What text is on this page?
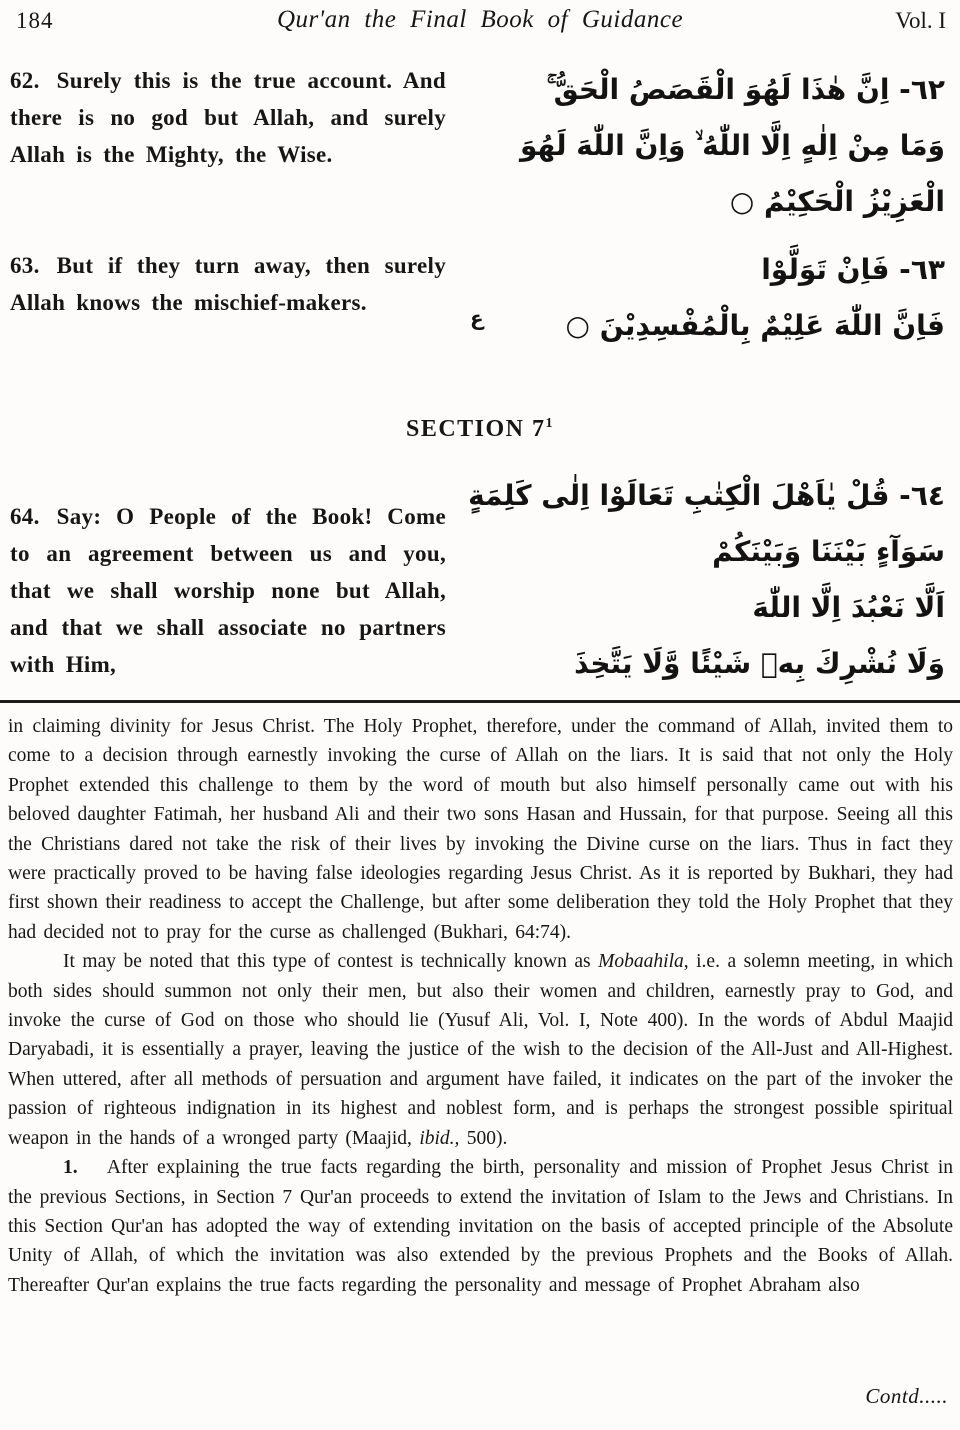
184	Qur'an the Final Book of Guidance	Vol. I
62. Surely this is the true account. And there is no god but Allah, and surely Allah is the Mighty, the Wise.
٦٢- اِنَّ هٰذَا لَهُوَ الْقَصَصُ الْحَقُّ ۚ
وَمَا مِنْ اِلٰهٍ اِلَّا اللّٰهُ ۙ وَاِنَّ اللّٰهَ لَهُوَ
الْعَزِيْزُ الْحَكِيْمُ ○
63. But if they turn away, then surely Allah knows the mischief-makers.
٦٣- فَاِنْ تَوَلَّوْا
ع	فَاِنَّ اللّٰهَ عَلِيْمٌ بِالْمُفْسِدِيْنَ ○
SECTION $7^1$
64. Say: O People of the Book! Come to an agreement between us and you, that we shall worship none but Allah, and that we shall associate no partners with Him,
٦٤- قُلْ يٰاَهْلَ الْكِتٰبِ تَعَالَوْا اِلٰى كَلِمَةٍ
سَوَآءٍ بَيْنَنَا وَبَيْنَكُمْ
اَلَّا نَعْبُدَ اِلَّا اللّٰهَ
وَلَا نُشْرِكَ بِهٖ شَيْئًا وَّلَا يَتَّخِذَ

in claiming divinity for Jesus Christ. The Holy Prophet, therefore, under the command of Allah, invited them to come to a decision through earnestly invoking the curse of Allah on the liars. It is said that not only the Holy Prophet extended this challenge to them by the word of mouth but also himself personally came out with his beloved daughter Fatimah, her husband Ali and their two sons Hasan and Hussain, for that purpose. Seeing all this the Christians dared not take the risk of their lives by invoking the Divine curse on the liars. Thus in fact they were practically proved to be having false ideologies regarding Jesus Christ. As it is reported by Bukhari, they had first shown their readiness to accept the Challenge, but after some deliberation they told the Holy Prophet that they had decided not to pray for the curse as challenged (Bukhari, 64:74).

It may be noted that this type of contest is technically known as Mobaahila, i.e. a solemn meeting, in which both sides should summon not only their men, but also their women and children, earnestly pray to God, and invoke the curse of God on those who should lie (Yusuf Ali, Vol. I, Note 400). In the words of Abdul Maajid Daryabadi, it is essentially a prayer, leaving the justice of the wish to the decision of the All-Just and All-Highest. When uttered, after all methods of persuation and argument have failed, it indicates on the part of the invoker the passion of righteous indignation in its highest and noblest form, and is perhaps the strongest possible spiritual weapon in the hands of a wronged party (Maajid, ibid., 500).

1.   After explaining the true facts regarding the birth, personality and mission of Prophet Jesus Christ in the previous Sections, in Section 7 Qur'an proceeds to extend the invitation of Islam to the Jews and Christians. In this Section Qur'an has adopted the way of extending invitation on the basis of accepted principle of the Absolute Unity of Allah, of which the invitation was also extended by the previous Prophets and the Books of Allah. Thereafter Qur'an explains the true facts regarding the personality and message of Prophet Abraham also

Contd.....
